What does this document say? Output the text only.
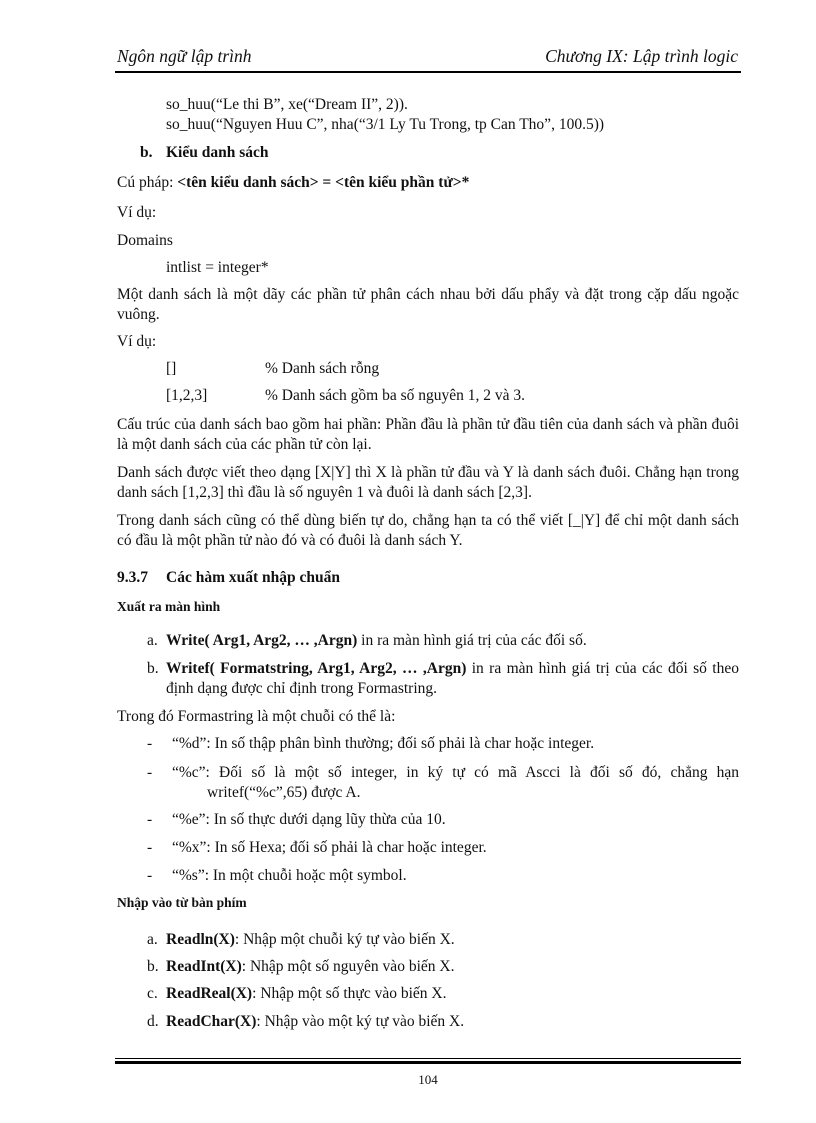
Ngôn ngữ lập trình	Chương IX: Lập trình logic
so_huu(“Le thi B”, xe(“Dream II”, 2)).
so_huu(“Nguyen Huu C”, nha(“3/1 Ly Tu Trong, tp Can Tho”, 100.5))
b. Kiểu danh sách
Cú pháp: <tên kiểu danh sách> = <tên kiểu phần tử>*
Ví dụ:
Domains
intlist = integer*
Một danh sách là một dãy các phần tử phân cách nhau bởi dấu phẩy và đặt trong cặp dấu ngoặc vuông.
Ví dụ:
[]	% Danh sách rỗng
[1,2,3]	% Danh sách gồm ba số nguyên 1, 2 và 3.
Cấu trúc của danh sách bao gồm hai phần: Phần đầu là phần tử đầu tiên của danh sách và phần đuôi là một danh sách của các phần tử còn lại.
Danh sách được viết theo dạng [X|Y] thì X là phần tử đầu và Y là danh sách đuôi. Chẳng hạn trong danh sách [1,2,3] thì đầu là số nguyên 1 và đuôi là danh sách [2,3].
Trong danh sách cũng có thể dùng biến tự do, chẳng hạn ta có thể viết [_|Y] để chỉ một danh sách có đầu là một phần tử nào đó và có đuôi là danh sách Y.
9.3.7 Các hàm xuất nhập chuẩn
Xuất ra màn hình
a. Write( Arg1, Arg2, … ,Argn) in ra màn hình giá trị của các đối số.
b. Writef( Formatstring, Arg1, Arg2, … ,Argn) in ra màn hình giá trị của các đối số theo định dạng được chỉ định trong Formastring.
Trong đó Formastring là một chuỗi có thể là:
- “%d”: In số thập phân bình thường; đối số phải là char hoặc integer.
- “%c”: Đối số là một số integer, in ký tự có mã Ascci là đối số đó, chẳng hạn
writef(“%c”,65) được A.
- “%e”: In số thực dưới dạng lũy thừa của 10.
- “%x”: In số Hexa; đối số phải là char hoặc integer.
- “%s”: In một chuỗi hoặc một symbol.
Nhập vào từ bàn phím
a. Readln(X): Nhập một chuỗi ký tự vào biến X.
b. ReadInt(X): Nhập một số nguyên vào biến X.
c. ReadReal(X): Nhập một số thực vào biến X.
d. ReadChar(X): Nhập vào một ký tự vào biến X.
104
